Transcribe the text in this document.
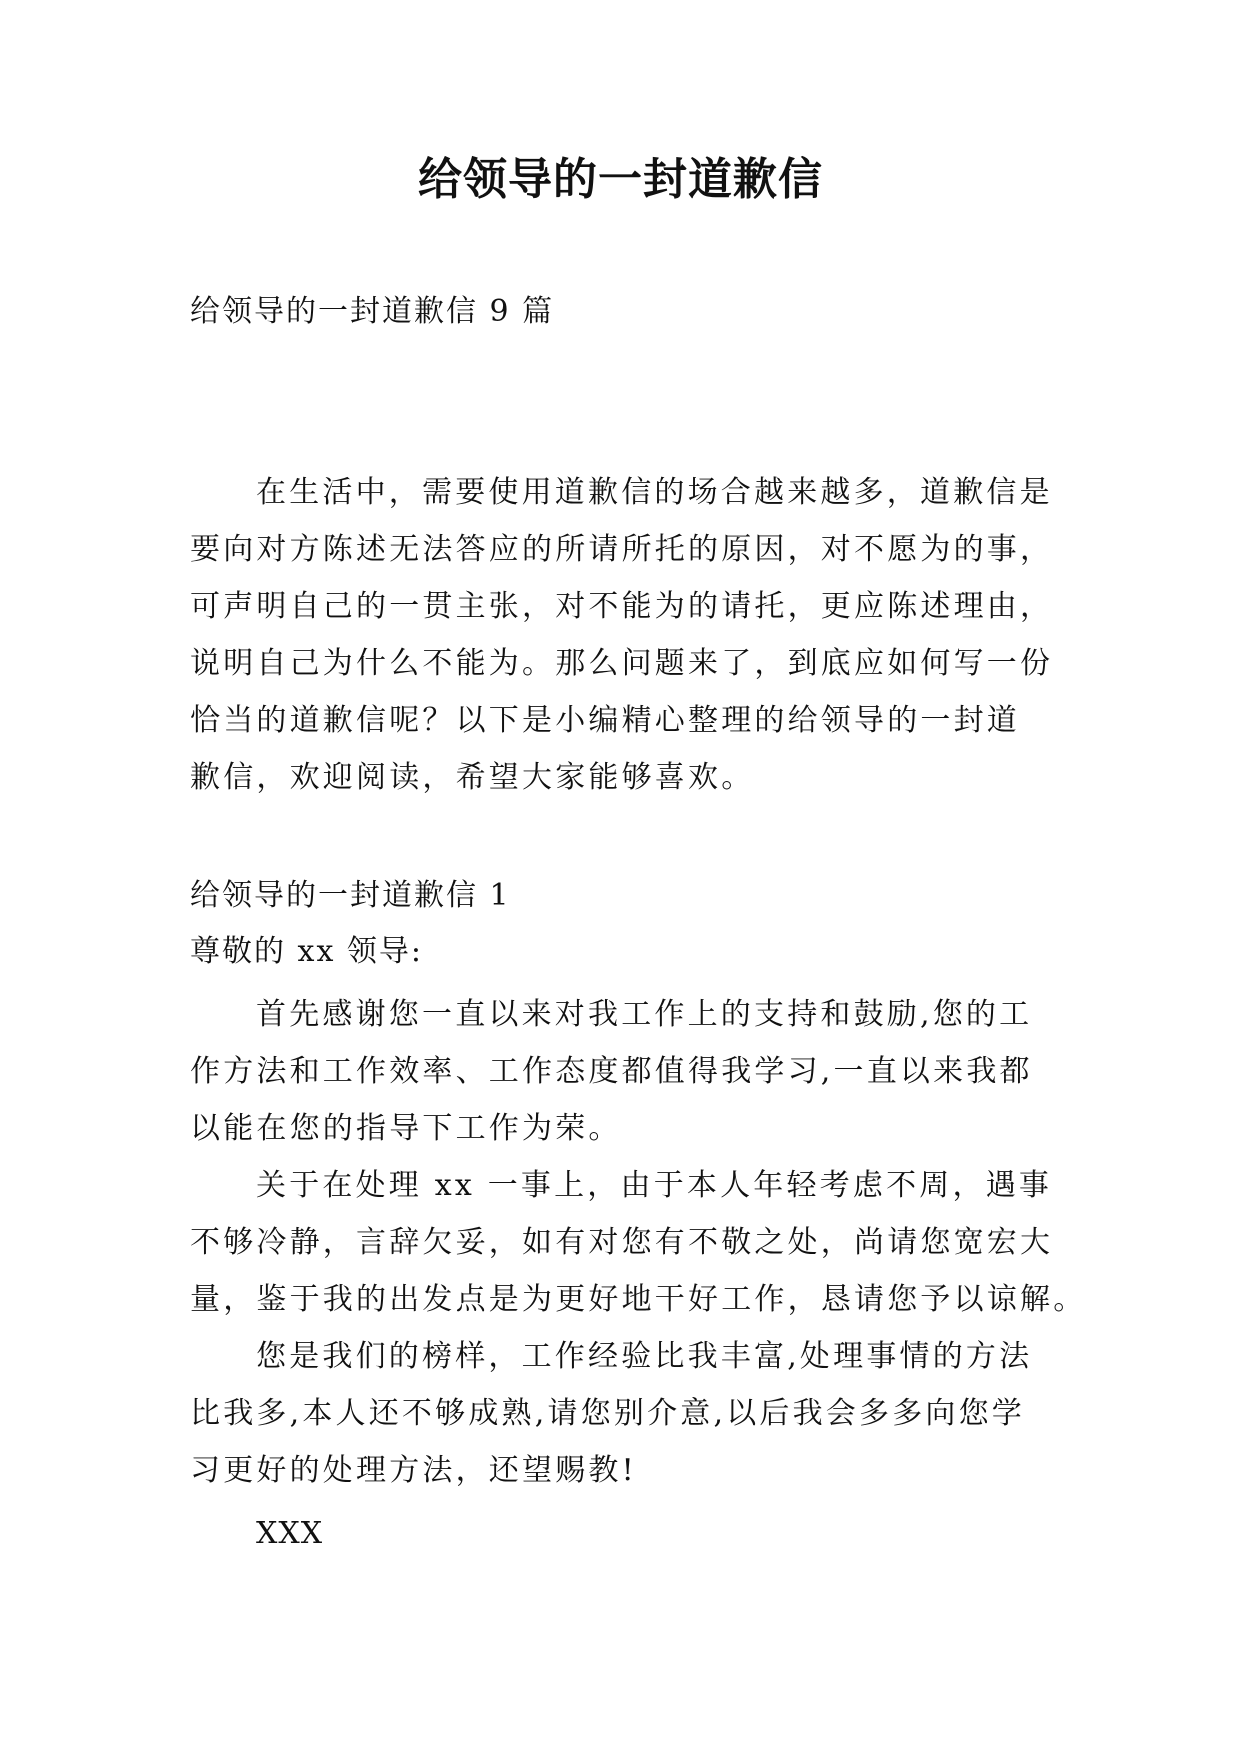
给领导的一封道歉信
给领导的一封道歉信 9 篇
在生活中，需要使用道歉信的场合越来越多，道歉信是
要向对方陈述无法答应的所请所托的原因，对不愿为的事，
可声明自己的一贯主张，对不能为的请托，更应陈述理由，
说明自己为什么不能为。那么问题来了，到底应如何写一份
恰当的道歉信呢？以下是小编精心整理的给领导的一封道
歉信，欢迎阅读，希望大家能够喜欢。
给领导的一封道歉信 1
尊敬的 xx 领导:
首先感谢您一直以来对我工作上的支持和鼓励,您的工
作方法和工作效率、工作态度都值得我学习,一直以来我都
以能在您的指导下工作为荣。
关于在处理 xx 一事上，由于本人年轻考虑不周，遇事
不够冷静，言辞欠妥，如有对您有不敬之处，尚请您宽宏大
量，鉴于我的出发点是为更好地干好工作，恳请您予以谅解。
您是我们的榜样，工作经验比我丰富,处理事情的方法
比我多,本人还不够成熟,请您别介意,以后我会多多向您学
习更好的处理方法，还望赐教!
XXX
